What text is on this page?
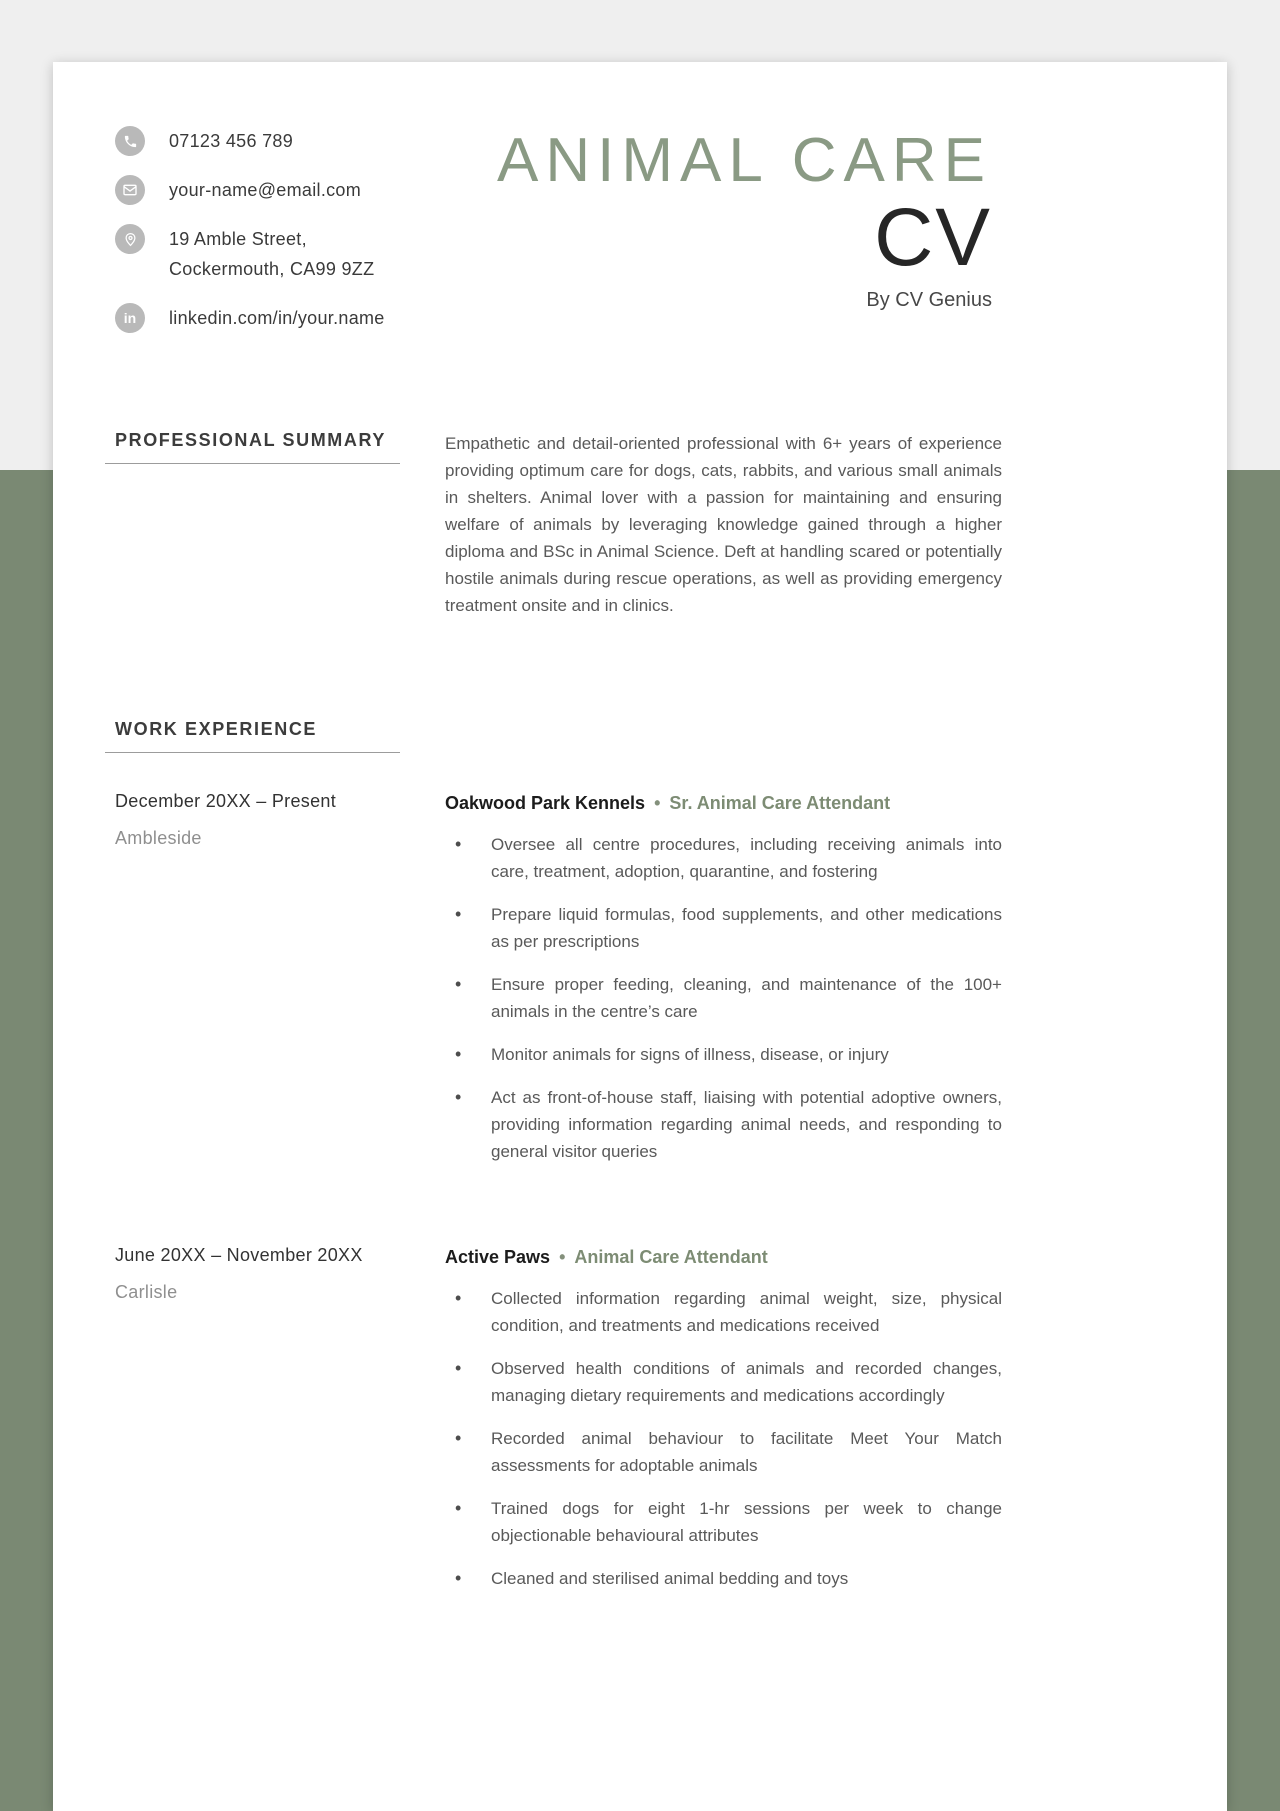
07123 456 789
your-name@email.com
19 Amble Street,
Cockermouth, CA99 9ZZ
in linkedin.com/in/your.name
ANIMAL CARE
CV
By CV Genius
PROFESSIONAL SUMMARY	Empathetic and detail-oriented professional with 6+ years of experience providing optimum care for dogs, cats, rabbits, and various small animals in shelters. Animal lover with a passion for maintaining and ensuring welfare of animals by leveraging knowledge gained through a higher diploma and BSc in Animal Science. Deft at handling scared or potentially hostile animals during rescue operations, as well as providing emergency treatment onsite and in clinics.

WORK EXPERIENCE
December 20XX – Present
Ambleside
Oakwood Park Kennels • Sr. Animal Care Attendant
• Oversee all centre procedures, including receiving animals into care, treatment, adoption, quarantine, and fostering
• Prepare liquid formulas, food supplements, and other medications as per prescriptions
• Ensure proper feeding, cleaning, and maintenance of the 100+ animals in the centre’s care
• Monitor animals for signs of illness, disease, or injury
• Act as front-of-house staff, liaising with potential adoptive owners, providing information regarding animal needs, and responding to general visitor queries
June 20XX – November 20XX
Carlisle
Active Paws • Animal Care Attendant
• Collected information regarding animal weight, size, physical condition, and treatments and medications received
• Observed health conditions of animals and recorded changes, managing dietary requirements and medications accordingly
• Recorded animal behaviour to facilitate Meet Your Match assessments for adoptable animals
• Trained dogs for eight 1-hr sessions per week to change objectionable behavioural attributes
• Cleaned and sterilised animal bedding and toys
